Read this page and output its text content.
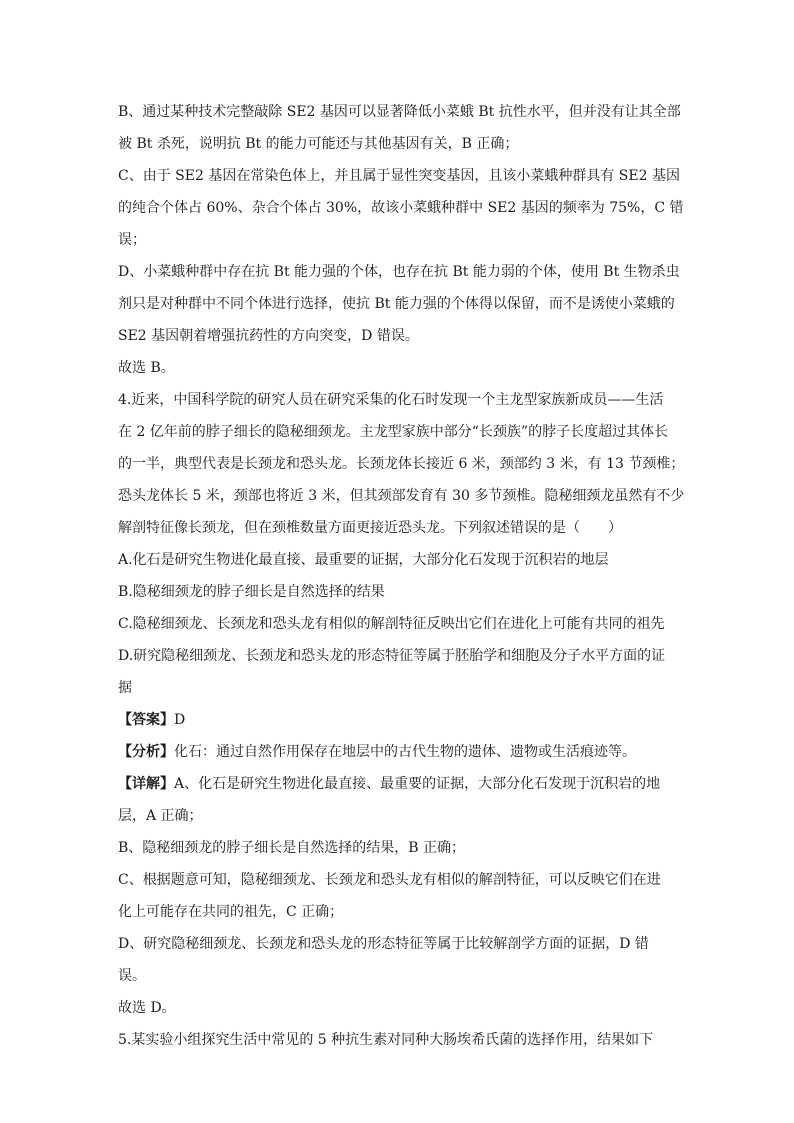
B、通过某种技术完整敲除 SE2 基因可以显著降低小菜蛾 Bt 抗性水平，但并没有让其全部
被 Bt 杀死，说明抗 Bt 的能力可能还与其他基因有关，B 正确；
C、由于 SE2 基因在常染色体上，并且属于显性突变基因，且该小菜蛾种群具有 SE2 基因
的纯合个体占 60%、杂合个体占 30%，故该小菜蛾种群中 SE2 基因的频率为 75%，C 错
误；
D、小菜蛾种群中存在抗 Bt 能力强的个体，也存在抗 Bt 能力弱的个体，使用 Bt 生物杀虫
剂只是对种群中不同个体进行选择，使抗 Bt 能力强的个体得以保留，而不是诱使小菜蛾的
SE2 基因朝着增强抗药性的方向突变，D 错误。
故选 B。
4.近来，中国科学院的研究人员在研究采集的化石时发现一个主龙型家族新成员——生活
在 2 亿年前的脖子细长的隐秘细颈龙。主龙型家族中部分“长颈族”的脖子长度超过其体长
的一半，典型代表是长颈龙和恐头龙。长颈龙体长接近 6 米，颈部约 3 米，有 13 节颈椎；
恐头龙体长 5 米，颈部也将近 3 米，但其颈部发育有 30 多节颈椎。隐秘细颈龙虽然有不少
解剖特征像长颈龙，但在颈椎数量方面更接近恐头龙。下列叙述错误的是（　　）
A.化石是研究生物进化最直接、最重要的证据，大部分化石发现于沉积岩的地层
B.隐秘细颈龙的脖子细长是自然选择的结果
C.隐秘细颈龙、长颈龙和恐头龙有相似的解剖特征反映出它们在进化上可能有共同的祖先
D.研究隐秘细颈龙、长颈龙和恐头龙的形态特征等属于胚胎学和细胞及分子水平方面的证
据
【答案】D
【分析】化石：通过自然作用保存在地层中的古代生物的遗体、遗物或生活痕迹等。
【详解】A、化石是研究生物进化最直接、最重要的证据，大部分化石发现于沉积岩的地
层，A 正确；
B、隐秘细颈龙的脖子细长是自然选择的结果，B 正确；
C、根据题意可知，隐秘细颈龙、长颈龙和恐头龙有相似的解剖特征，可以反映它们在进
化上可能存在共同的祖先，C 正确；
D、研究隐秘细颈龙、长颈龙和恐头龙的形态特征等属于比较解剖学方面的证据，D 错
误。
故选 D。
5.某实验小组探究生活中常见的 5 种抗生素对同种大肠埃希氏菌的选择作用，结果如下
